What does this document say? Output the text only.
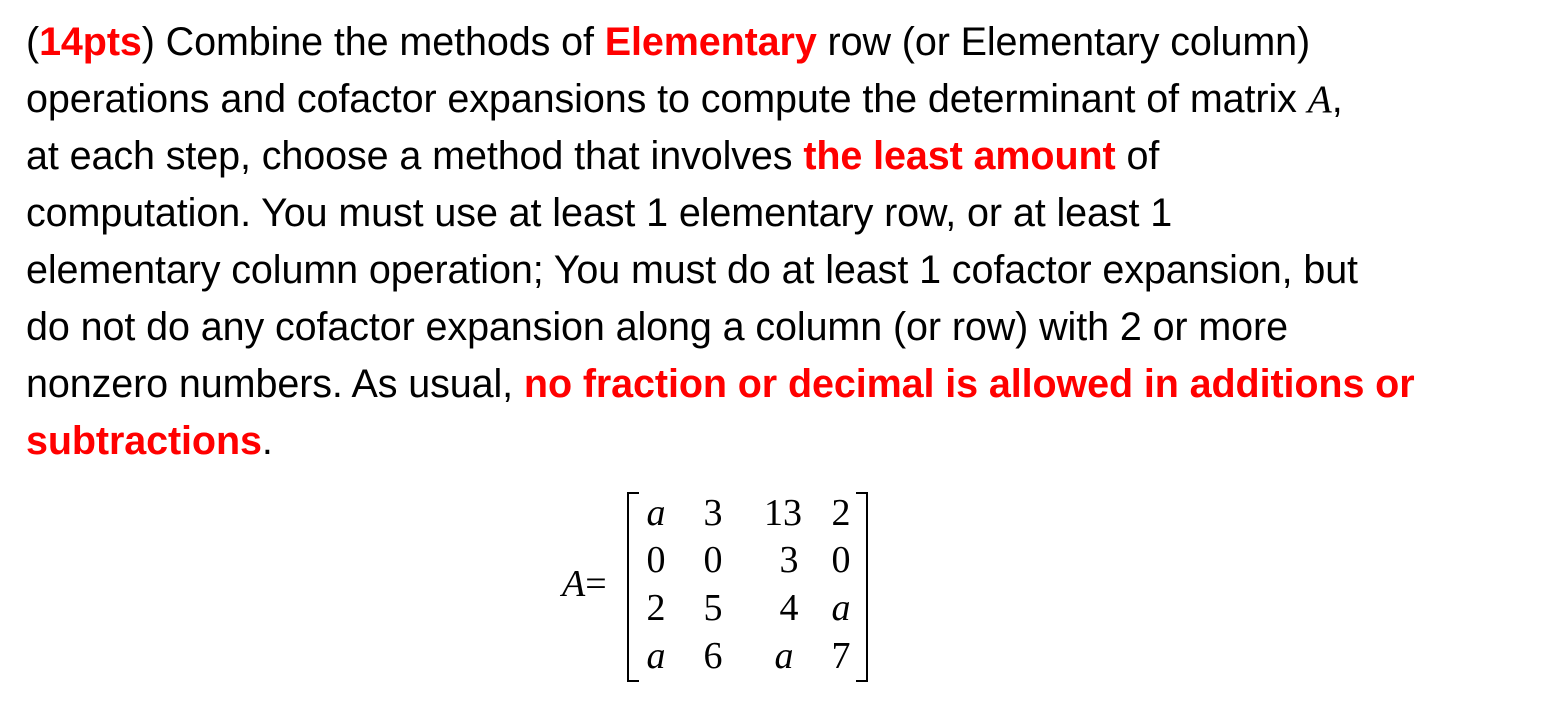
(14pts) Combine the methods of Elementary row (or Elementary column)
operations and cofactor expansions to compute the determinant of matrix A,
at each step, choose a method that involves the least amount of
computation. You must use at least 1 elementary row, or at least 1
elementary column operation; You must do at least 1 cofactor expansion, but
do not do any cofactor expansion along a column (or row) with 2 or more
nonzero numbers. As usual, no fraction or decimal is allowed in additions or
subtractions.
A=
a 3 13 2
0 0 3 0
2 5 4 a
a 6 a 7
